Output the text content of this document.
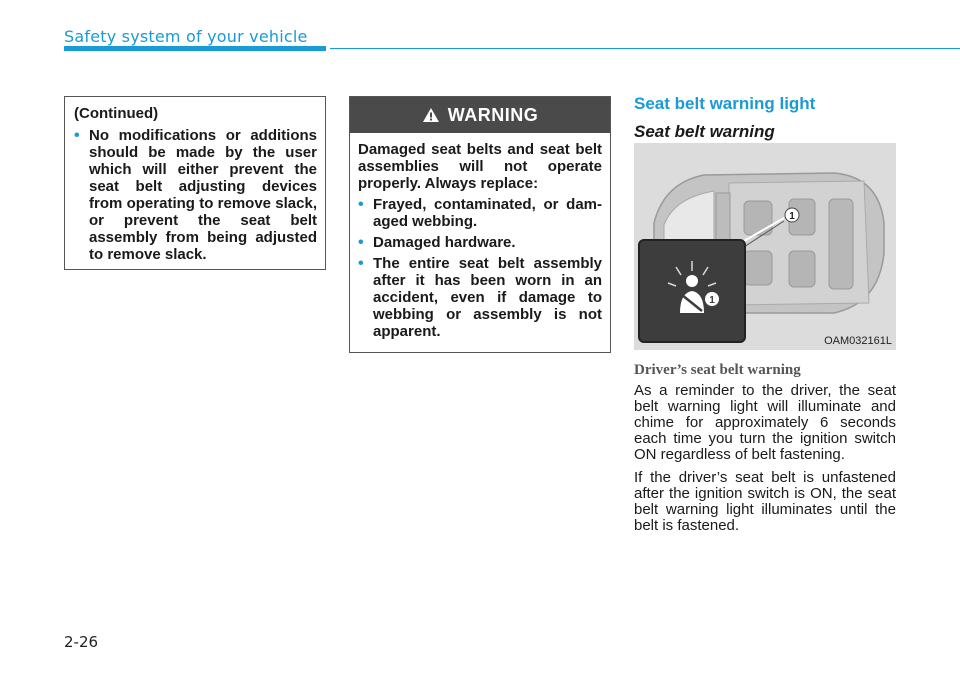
Safety system of your vehicle
(Continued)
• No modifications or additions should be made by the user which will either prevent the seat belt adjusting devices from operating to remove slack, or prevent the seat belt assembly from being adjusted to remove slack.
WARNING
Damaged seat belts and seat belt assemblies will not operate properly. Always replace:
• Frayed, contaminated, or dam-aged webbing.
• Damaged hardware.
• The entire seat belt assembly after it has been worn in an accident, even if damage to webbing or assembly is not apparent.
Seat belt warning light
Seat belt warning
1
1
OAM032161L
Driver’s seat belt warning
As a reminder to the driver, the seat belt warning light will illuminate and chime for approximately 6 seconds each time you turn the ignition switch ON regardless of belt fastening.
If the driver’s seat belt is unfastened after the ignition switch is ON, the seat belt warning light illuminates until the belt is fastened.
2-26
